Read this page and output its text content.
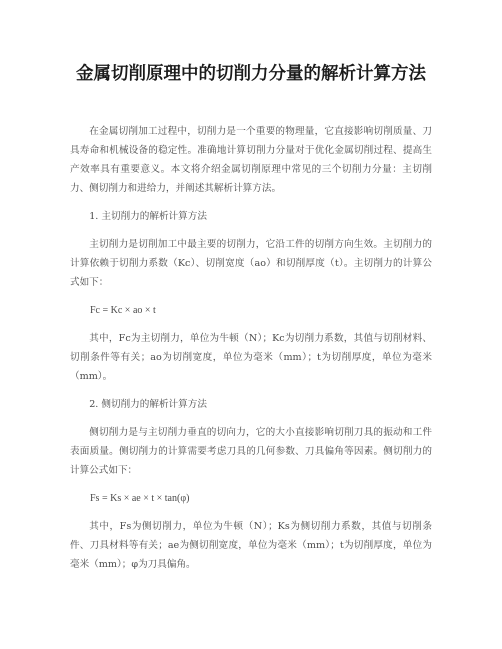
金属切削原理中的切削力分量的解析计算方法

在金属切削加工过程中，切削力是一个重要的物理量，它直接影响切削质量、刀具寿命和机械设备的稳定性。准确地计算切削力分量对于优化金属切削过程、提高生产效率具有重要意义。本文将介绍金属切削原理中常见的三个切削力分量：主切削力、侧切削力和进给力，并阐述其解析计算方法。

1. 主切削力的解析计算方法

主切削力是切削加工中最主要的切削力，它沿工件的切削方向生效。主切削力的计算依赖于切削力系数（Kc）、切削宽度（ao）和切削厚度（t）。主切削力的计算公式如下：

Fc = Kc × ao × t

其中，Fc为主切削力，单位为牛顿（N）；Kc为切削力系数，其值与切削材料、切削条件等有关；ao为切削宽度，单位为毫米（mm）；t为切削厚度，单位为毫米（mm）。

2. 侧切削力的解析计算方法

侧切削力是与主切削力垂直的切向力，它的大小直接影响切削刀具的振动和工件表面质量。侧切削力的计算需要考虑刀具的几何参数、刀具偏角等因素。侧切削力的计算公式如下：

Fs = Ks × ae × t × tan(φ)

其中，Fs为侧切削力，单位为牛顿（N）；Ks为侧切削力系数，其值与切削条件、刀具材料等有关；ae为侧切削宽度，单位为毫米（mm）；t为切削厚度，单位为毫米（mm）；φ为刀具偏角。
